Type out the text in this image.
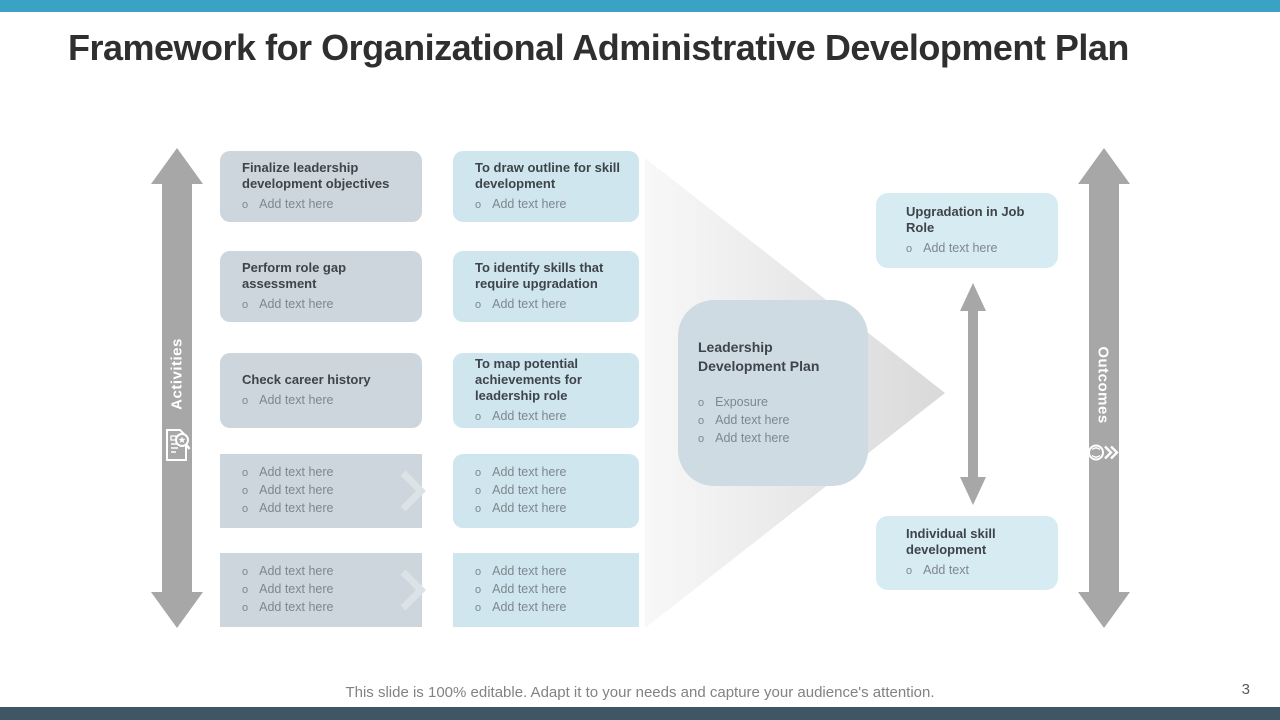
Framework for Organizational Administrative Development Plan
Activities	Outcomes
Finalize leadership development objectives
o Add text here
Perform role gap assessment
o Add text here
Check career history
o Add text here
o Add text here
o Add text here
o Add text here
o Add text here
o Add text here
o Add text here
To draw outline for skill development
o Add text here
To identify skills that require upgradation
o Add text here
To map potential achievements for leadership role
o Add text here
o Add text here
o Add text here
o Add text here
o Add text here
o Add text here
o Add text here
Leadership Development Plan
o Exposure
o Add text here
o Add text here
Upgradation in Job Role
o Add text here
Individual skill development
o Add text
This slide is 100% editable. Adapt it to your needs and capture your audience's attention.	3
